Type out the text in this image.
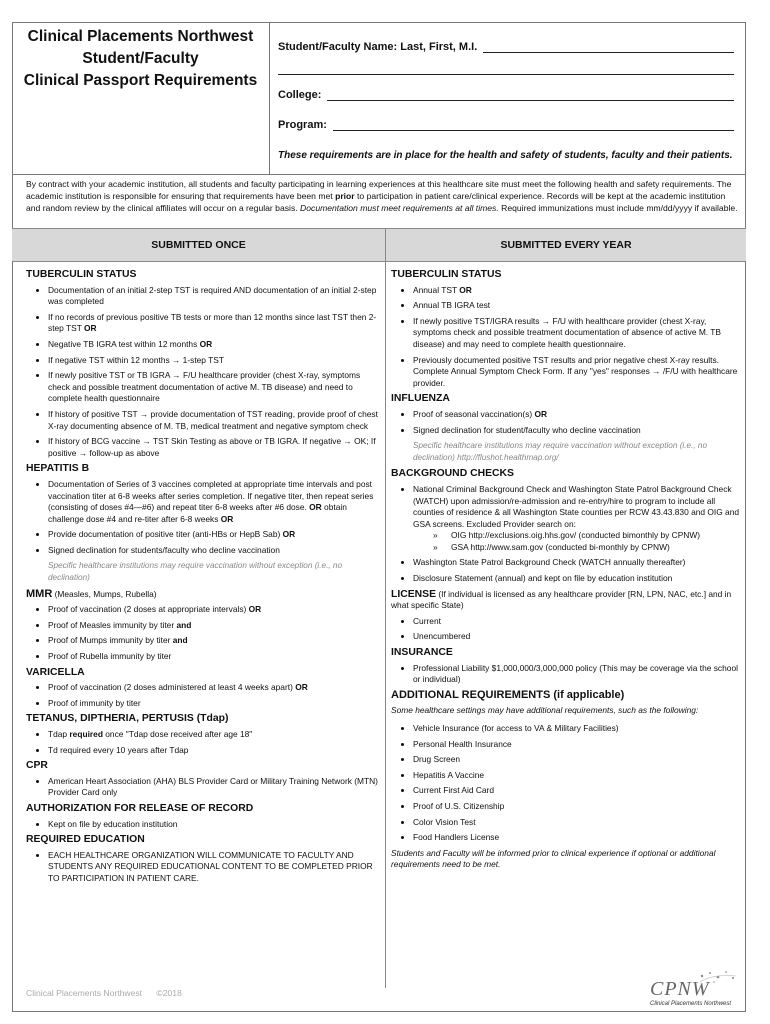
Clinical Placements Northwest
Student/Faculty
Clinical Passport Requirements
Student/Faculty Name: Last, First, M.I.
College:
Program:
These requirements are in place for the health and safety of students, faculty and their patients.
By contract with your academic institution, all students and faculty participating in learning experiences at this healthcare site must meet the following health and safety requirements. The academic institution is responsible for ensuring that requirements have been met prior to participation in patient care/clinical experience. Records will be kept at the academic institution and random review by the clinical affiliates will occur on a regular basis. Documentation must meet requirements at all times. Required immunizations must include mm/dd/yyyy if available.
SUBMITTED ONCE	SUBMITTED EVERY YEAR
TUBERCULIN STATUS
• Documentation of an initial 2-step TST is required AND documentation of an initial 2-step was completed
• If no records of previous positive TB tests or more than 12 months since last TST then 2-step TST OR
• Negative TB IGRA test within 12 months OR
• If negative TST within 12 months → 1-step TST
• If newly positive TST or TB IGRA → F/U healthcare provider (chest X-ray, symptoms check and possible treatment documentation of active M. TB disease) and need to complete health questionnaire
• If history of positive TST → provide documentation of TST reading, provide proof of chest X-ray documenting absence of M. TB, medical treatment and negative symptom check
• If history of BCG vaccine → TST Skin Testing as above or TB IGRA. If negative → OK; If positive → follow-up as above
HEPATITIS B
• Documentation of Series of 3 vaccines completed at appropriate time intervals and post vaccination titer at 6-8 weeks after series completion. If negative titer, then repeat series (consisting of doses #4—#6) and repeat titer 6-8 weeks after #6 dose. OR obtain challenge dose #4 and re-titer after 6-8 weeks OR
• Provide documentation of positive titer (anti-HBs or HepB Sab) OR
• Signed declination for students/faculty who decline vaccination
Specific healthcare institutions may require vaccination without exception (i.e., no declination)
MMR (Measles, Mumps, Rubella)
• Proof of vaccination (2 doses at appropriate intervals) OR
• Proof of Measles immunity by titer and
• Proof of Mumps immunity by titer and
• Proof of Rubella immunity by titer
VARICELLA
• Proof of vaccination (2 doses administered at least 4 weeks apart) OR
• Proof of immunity by titer
TETANUS, DIPTHERIA, PERTUSIS (Tdap)
• Tdap required once "Tdap dose received after age 18"
• Td required every 10 years after Tdap
CPR
• American Heart Association (AHA) BLS Provider Card or Military Training Network (MTN) Provider Card only
AUTHORIZATION FOR RELEASE OF RECORD
• Kept on file by education institution
REQUIRED EDUCATION
• EACH HEALTHCARE ORGANIZATION WILL COMMUNICATE TO FACULTY AND STUDENTS ANY REQUIRED EDUCATIONAL CONTENT TO BE COMPLETED PRIOR TO PARTICIPATION IN PATIENT CARE.
TUBERCULIN STATUS
• Annual TST OR
• Annual TB IGRA test
• If newly positive TST/IGRA results → F/U with healthcare provider (chest X-ray, symptoms check and possible treatment documentation of absence of active M. TB disease) and may need to complete health questionnaire.
• Previously documented positive TST results and prior negative chest X-ray results. Complete Annual Symptom Check Form. If any "yes" responses → /F/U with healthcare provider.
INFLUENZA
• Proof of seasonal vaccination(s) OR
• Signed declination for student/faculty who decline vaccination
Specific healthcare institutions may require vaccination without exception (i.e., no declination) http://flushot.healthmap.org/
BACKGROUND CHECKS
• National Criminal Background Check and Washington State Patrol Background Check (WATCH) upon admission/re-admission and re-entry/hire to program to include all counties of residence & all Washington State counties per RCW 43.43.830 and OIG and GSA screens. Excluded Provider search on:
» OIG http://exclusions.oig.hhs.gov/ (conducted bimonthly by CPNW)
» GSA http://www.sam.gov (conducted bi-monthly by CPNW)
• Washington State Patrol Background Check (WATCH annually thereafter)
• Disclosure Statement (annual) and kept on file by education institution
LICENSE (If individual is licensed as any healthcare provider [RN, LPN, NAC, etc.] and in what specific State)
• Current
• Unencumbered
INSURANCE
• Professional Liability $1,000,000/3,000,000 policy (This may be coverage via the school or individual)
ADDITIONAL REQUIREMENTS (if applicable)
Some healthcare settings may have additional requirements, such as the following:
• Vehicle Insurance (for access to VA & Military Facilities)
• Personal Health Insurance
• Drug Screen
• Hepatitis A Vaccine
• Current First Aid Card
• Proof of U.S. Citizenship
• Color Vision Test
• Food Handlers License
Students and Faculty will be informed prior to clinical experience if optional or additional requirements need to be met.
Clinical Placements Northwest ©2018	CPNW
Clinical Placements Northwest
